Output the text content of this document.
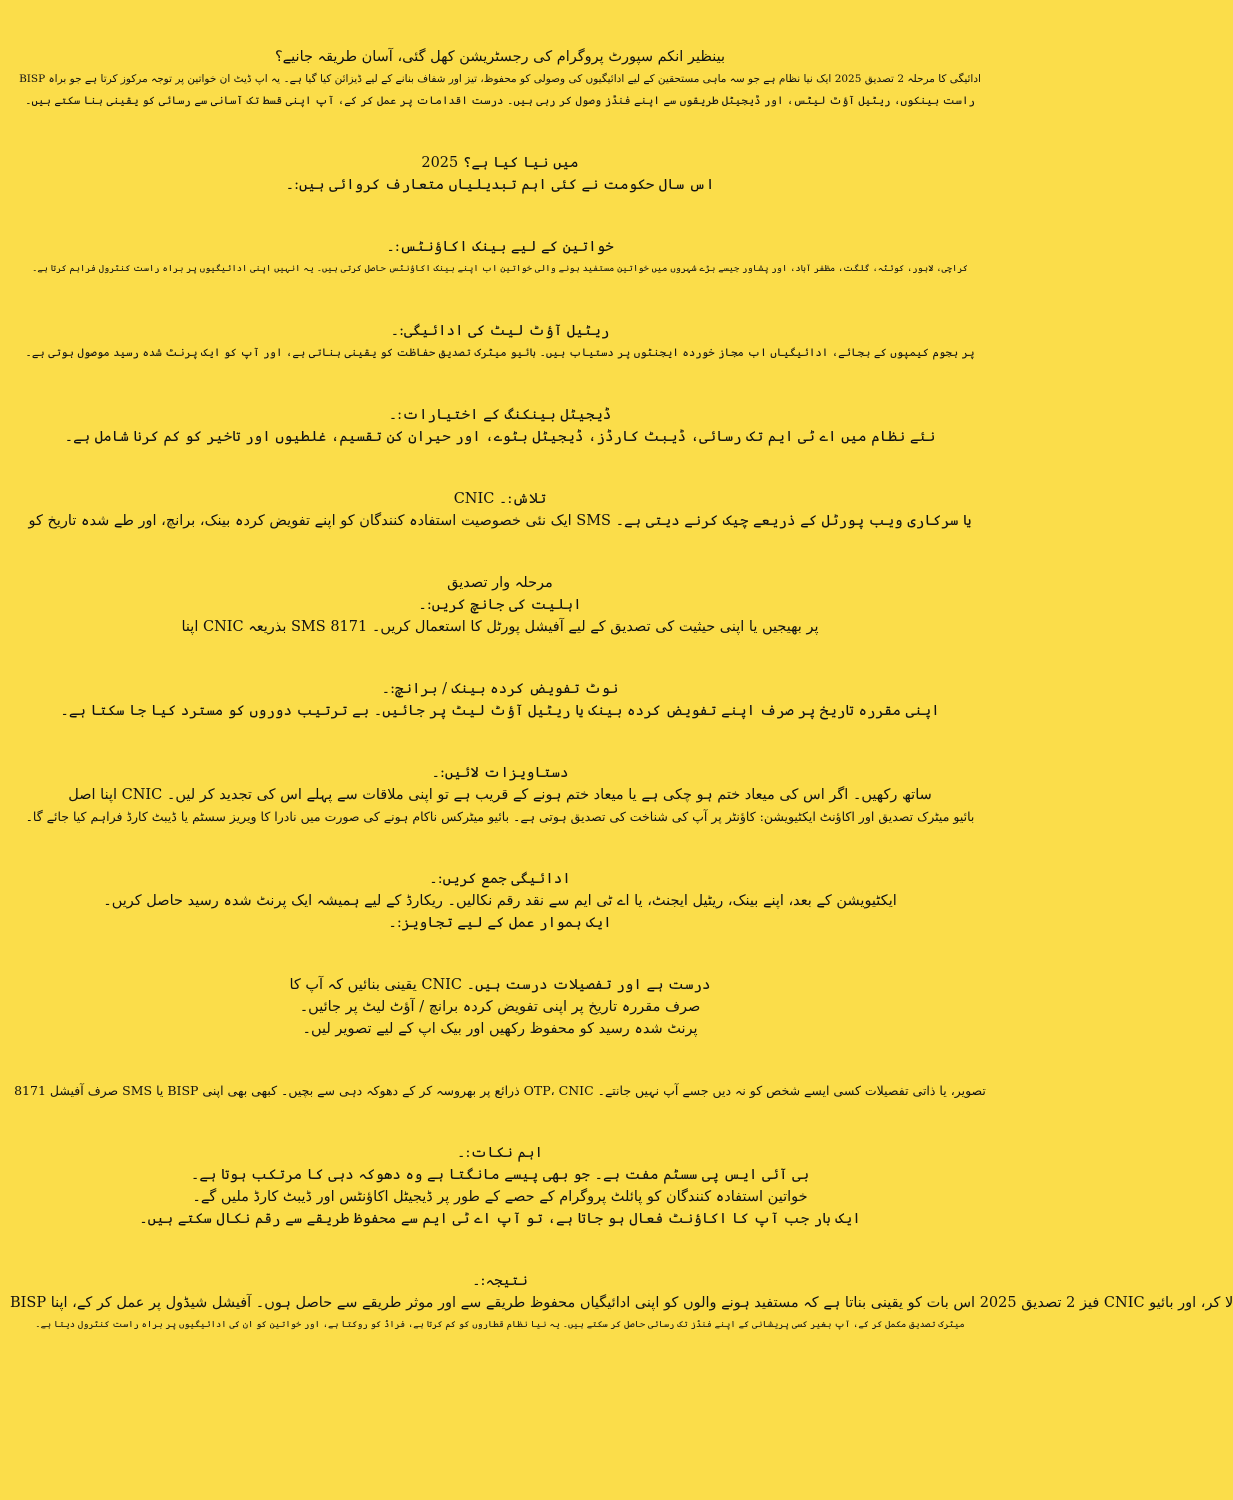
بینظیر انکم سپورٹ پروگرام کی رجسٹریشن کھل گئی، آسان طریقہ جانیے؟
ادائیگی کا مرحلہ 2 تصدیق 2025 ایک نیا نظام ہے جو سہ ماہی مستحقین کے لیے ادائیگیوں کی وصولی کو محفوظ، تیز اور شفاف بنانے کے لیے ڈیزائن کیا گیا ہے۔ یہ اپ ڈیٹ ان خواتین پر توجہ مرکوز کرتا ہے جو براہ BISP
راست بینکوں، ریٹیل آؤٹ لیٹس، اور ڈیجیٹل طریقوں سے اپنے فنڈز وصول کر رہی ہیں۔ درست اقدامات پر عمل کر کے، آپ اپنی قسط تک آسانی سے رسائی کو یقینی بنا سکتے ہیں۔
میں نیا کیا ہے؟ 2025
اس سال حکومت نے کئی اہم تبدیلیاں متعارف کروائی ہیں:۔
خواتین کے لیے بینک اکاؤنٹس:۔
کراچی، لاہور، کوئٹہ، گلگت، مظفر آباد، اور پشاور جیسے بڑے شہروں میں خواتین مستفید ہونے والی خواتین اب اپنے بینک اکاؤنٹس حاصل کرتی ہیں۔ یہ انہیں اپنی ادائیگیوں پر براہ راست کنٹرول فراہم کرتا ہے۔
ریٹیل آؤٹ لیٹ کی ادائیگی:۔
پر ہجوم کیمپوں کے بجائے، ادائیگیاں اب مجاز خوردہ ایجنٹوں پر دستیاب ہیں۔ بائیو میٹرک تصدیق حفاظت کو یقینی بناتی ہے، اور آپ کو ایک پرنٹ شدہ رسید موصول ہوتی ہے۔
ڈیجیٹل بینکنگ کے اختیارات:۔
نئے نظام میں اے ٹی ایم تک رسائی، ڈیبٹ کارڈز، ڈیجیٹل بٹوے، اور حیران کن تقسیم، غلطیوں اور تاخیر کو کم کرنا شامل ہے۔
تلاش:۔ CNIC
یا سرکاری ویب پورٹل کے ذریعے چیک کرنے دیتی ہے۔ SMS ایک نئی خصوصیت استفادہ کنندگان کو اپنے تفویض کردہ بینک، برانچ، اور طے شدہ تاریخ کو
مرحلہ وار تصدیق
اہلیت کی جانچ کریں:۔
پر بھیجیں یا اپنی حیثیت کی تصدیق کے لیے آفیشل پورٹل کا استعمال کریں۔ SMS 8171 بذریعہ CNIC اپنا
نوٹ تفویض کردہ بینک / برانچ:۔
اپنی مقررہ تاریخ پر صرف اپنے تفویض کردہ بینک یا ریٹیل آؤٹ لیٹ پر جائیں۔ بے ترتیب دوروں کو مسترد کیا جا سکتا ہے۔
دستاویزات لائیں:۔
ساتھ رکھیں۔ اگر اس کی میعاد ختم ہو چکی ہے یا میعاد ختم ہونے کے قریب ہے تو اپنی ملاقات سے پہلے اس کی تجدید کر لیں۔ CNIC اپنا اصل
بائیو میٹرک تصدیق اور اکاؤنٹ ایکٹیویشن: کاؤنٹر پر آپ کی شناخت کی تصدیق ہوتی ہے۔ بائیو میٹرکس ناکام ہونے کی صورت میں نادرا کا ویریز سسٹم یا ڈیبٹ کارڈ فراہم کیا جائے گا۔
ادائیگی جمع کریں:۔
ایکٹیویشن کے بعد، اپنے بینک، ریٹیل ایجنٹ، یا اے ٹی ایم سے نقد رقم نکالیں۔ ریکارڈ کے لیے ہمیشہ ایک پرنٹ شدہ رسید حاصل کریں۔
ایک ہموار عمل کے لیے تجاویز:۔
درست ہے اور تفصیلات درست ہیں۔ CNIC یقینی بنائیں کہ آپ کا
صرف مقررہ تاریخ پر اپنی تفویض کردہ برانچ / آؤٹ لیٹ پر جائیں۔
پرنٹ شدہ رسید کو محفوظ رکھیں اور بیک اپ کے لیے تصویر لیں۔
تصویر، یا ذاتی تفصیلات کسی ایسے شخص کو نہ دیں جسے آپ نہیں جانتے۔ OTP، CNIC ذرائع پر بھروسہ کر کے دھوکہ دہی سے بچیں۔ کبھی بھی اپنی BISP یا SMS صرف آفیشل 8171
اہم نکات:۔
بی آئی ایس پی سسٹم مفت ہے۔ جو بھی پیسے مانگتا ہے وہ دھوکہ دہی کا مرتکب ہوتا ہے۔
خواتین استفادہ کنندگان کو پائلٹ پروگرام کے حصے کے طور پر ڈیجیٹل اکاؤنٹس اور ڈیبٹ کارڈ ملیں گے۔
ایک بار جب آپ کا اکاؤنٹ فعال ہو جاتا ہے، تو آپ اے ٹی ایم سے محفوظ طریقے سے رقم نکال سکتے ہیں۔
نتیجہ:۔
BISP فیز 2 تصدیق 2025 اس بات کو یقینی بناتا ہے کہ مستفید ہونے والوں کو اپنی ادائیگیاں محفوظ طریقے سے اور موثر طریقے سے حاصل ہوں۔ آفیشل شیڈول پر عمل کر کے، اپنا CNIC لا کر، اور بائیو
میٹرک تصدیق مکمل کر کے، آپ بغیر کسی پریشانی کے اپنے فنڈز تک رسائی حاصل کر سکتے ہیں۔ یہ نیا نظام قطاروں کو کم کرتا ہے، فراڈ کو روکتا ہے، اور خواتین کو ان کی ادائیگیوں پر براہ راست کنٹرول دیتا ہے۔
